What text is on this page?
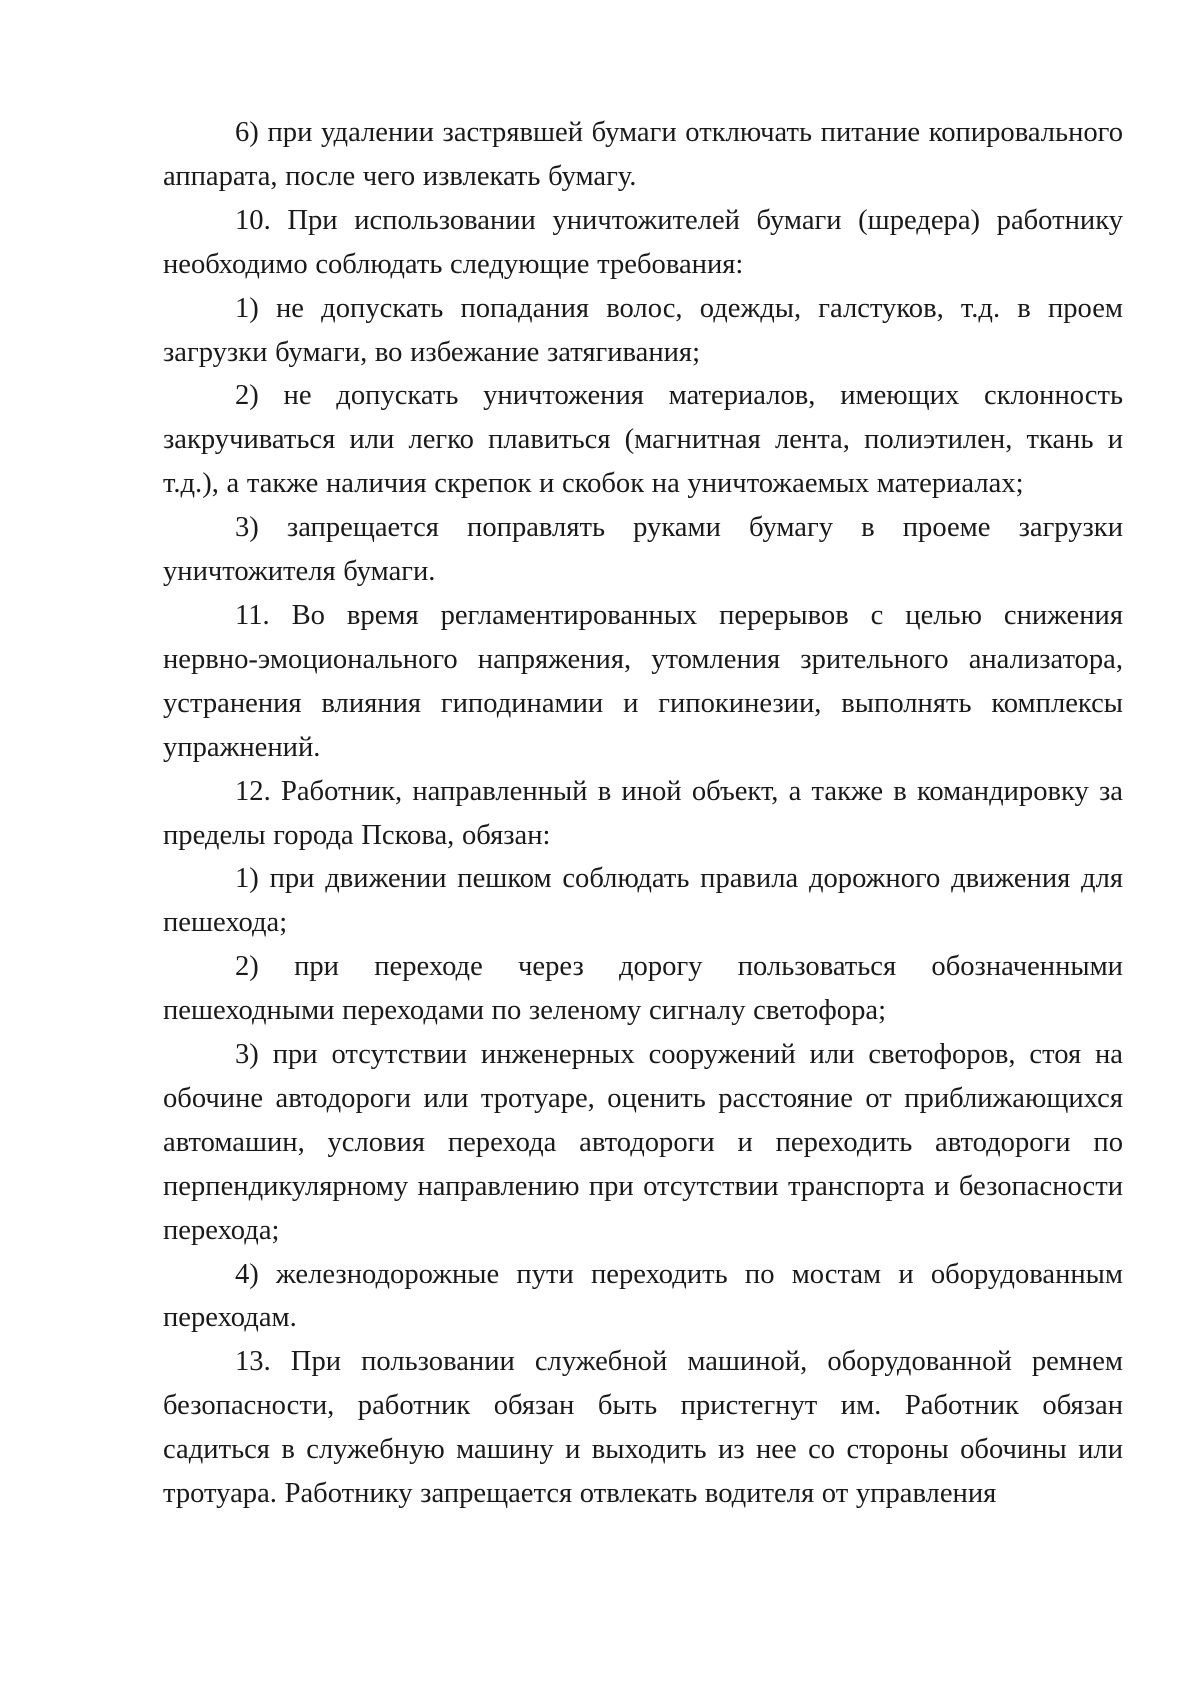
6) при удалении застрявшей бумаги отключать питание копировального аппарата, после чего извлекать бумагу.

10. При использовании уничтожителей бумаги (шредера) работнику необходимо соблюдать следующие требования:

1) не допускать попадания волос, одежды, галстуков, т.д. в проем загрузки бумаги, во избежание затягивания;

2) не допускать уничтожения материалов, имеющих склонность закручиваться или легко плавиться (магнитная лента, полиэтилен, ткань и т.д.), а также наличия скрепок и скобок на уничтожаемых материалах;

3) запрещается поправлять руками бумагу в проеме загрузки уничтожителя бумаги.

11. Во время регламентированных перерывов с целью снижения нервно-эмоционального напряжения, утомления зрительного анализатора, устранения влияния гиподинамии и гипокинезии, выполнять комплексы упражнений.

12. Работник, направленный в иной объект, а также в командировку за пределы города Пскова, обязан:

1) при движении пешком соблюдать правила дорожного движения для пешехода;

2) при переходе через дорогу пользоваться обозначенными пешеходными переходами по зеленому сигналу светофора;

3) при отсутствии инженерных сооружений или светофоров, стоя на обочине автодороги или тротуаре, оценить расстояние от приближающихся автомашин, условия перехода автодороги и переходить автодороги по перпендикулярному направлению при отсутствии транспорта и безопасности перехода;

4) железнодорожные пути переходить по мостам и оборудованным переходам.

13. При пользовании служебной машиной, оборудованной ремнем безопасности, работник обязан быть пристегнут им. Работник обязан садиться в служебную машину и выходить из нее со стороны обочины или тротуара. Работнику запрещается отвлекать водителя от управления
